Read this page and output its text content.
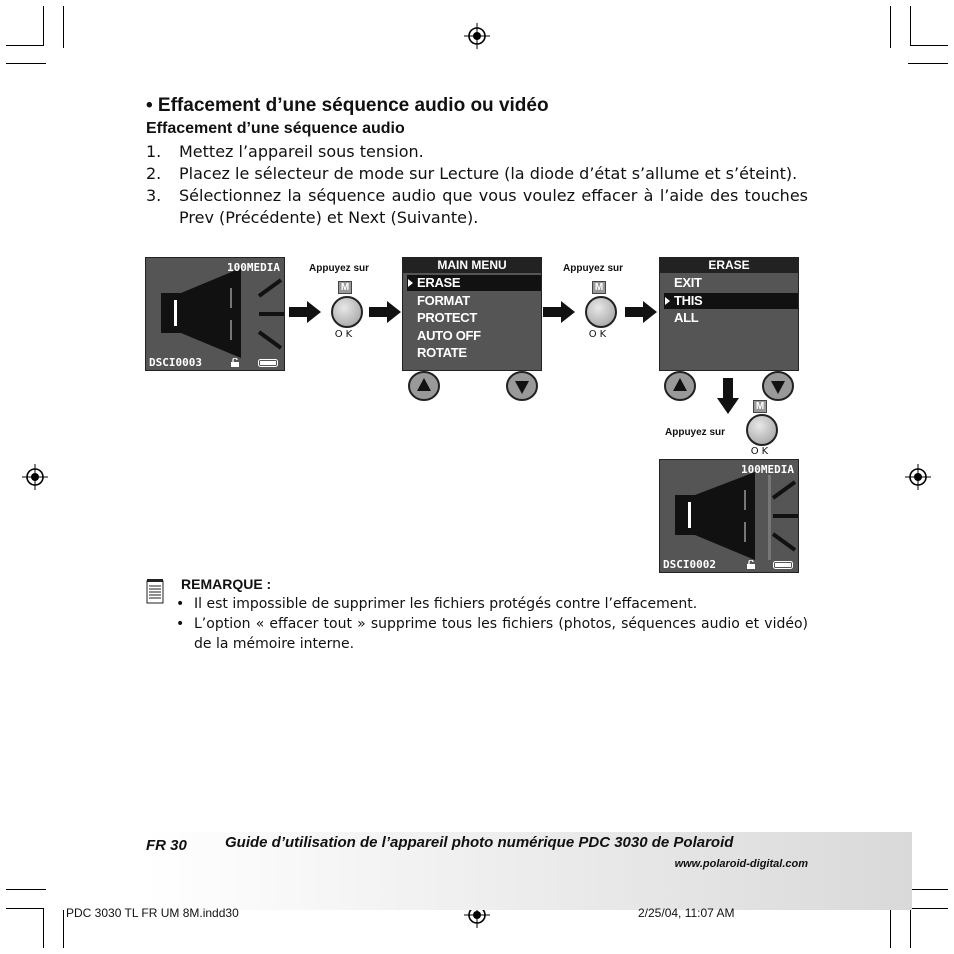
• Effacement d’une séquence audio ou vidéo
Effacement d’une séquence audio
1.	Mettez l’appareil sous tension.
2.	Placez le sélecteur de mode sur Lecture (la diode d’état s’allume et s’éteint).
3.	Sélectionnez la séquence audio que vous voulez effacer à l’aide des touches Prev (Précédente) et Next (Suivante).
100MEDIA
DSCI0003
Appuyez sur
M
OK
MAIN MENU
ERASE
FORMAT
PROTECT
AUTO OFF
ROTATE
Appuyez sur
M
OK
ERASE
EXIT
THIS
ALL
Appuyez sur
M
OK
100MEDIA
DSCI0002
REMARQUE :
• Il est impossible de supprimer les fichiers protégés contre l’effacement.
• L’option « effacer tout » supprime tous les fichiers (photos, séquences audio et vidéo) de la mémoire interne.
FR 30	Guide d’utilisation de l’appareil photo numérique PDC 3030 de Polaroid
www.polaroid-digital.com
PDC 3030 TL FR UM 8M.indd30	2/25/04, 11:07 AM
